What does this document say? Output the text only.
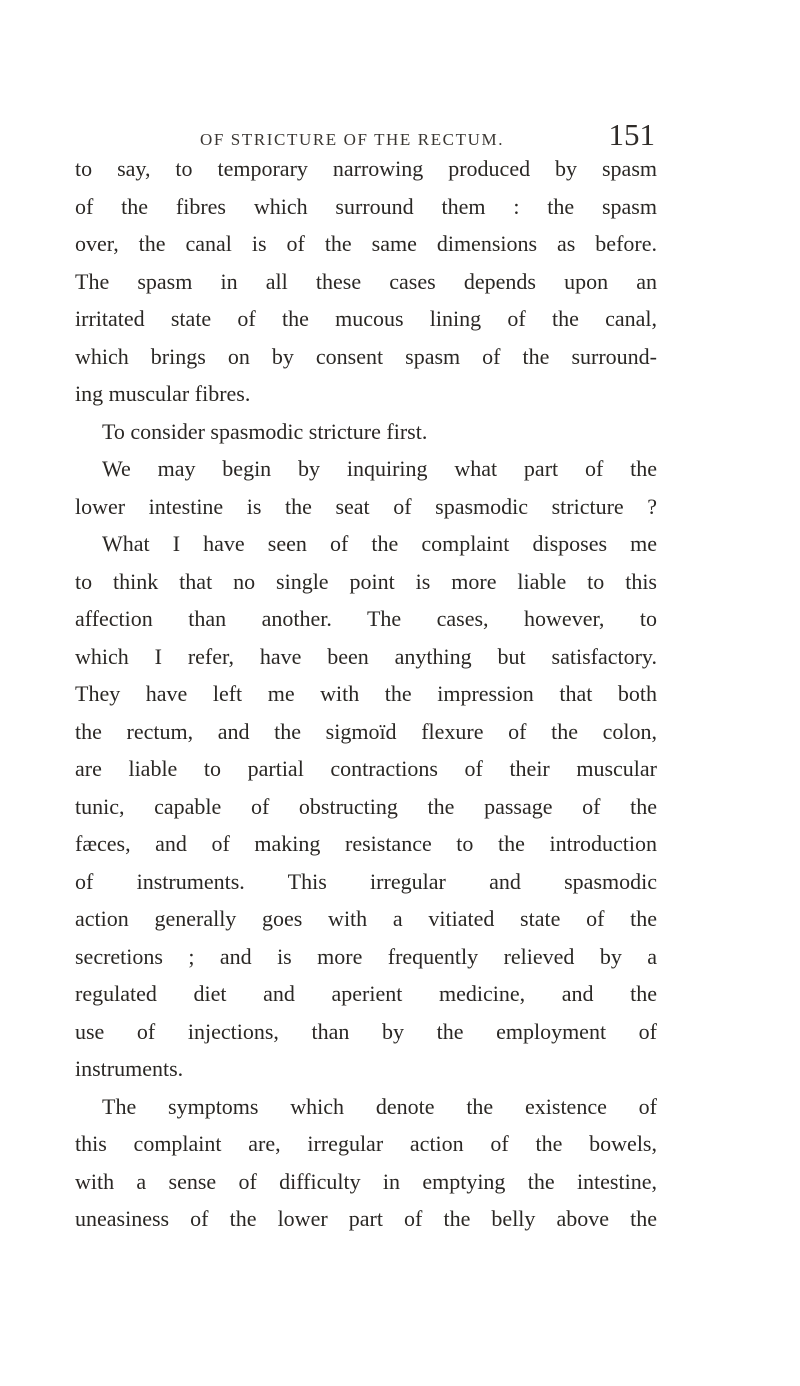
OF STRICTURE OF THE RECTUM.	151
to say, to temporary narrowing produced by spasm
of the fibres which surround them : the spasm
over, the canal is of the same dimensions as before.
The spasm in all these cases depends upon an
irritated state of the mucous lining of the canal,
which brings on by consent spasm of the surround-
ing muscular fibres.
To consider spasmodic stricture first.
We may begin by inquiring what part of the
lower intestine is the seat of spasmodic stricture ?
What I have seen of the complaint disposes me
to think that no single point is more liable to this
affection than another. The cases, however, to
which I refer, have been anything but satisfactory.
They have left me with the impression that both
the rectum, and the sigmoïd flexure of the colon,
are liable to partial contractions of their muscular
tunic, capable of obstructing the passage of the
fæces, and of making resistance to the introduction
of instruments. This irregular and spasmodic
action generally goes with a vitiated state of the
secretions ; and is more frequently relieved by a
regulated diet and aperient medicine, and the
use of injections, than by the employment of
instruments.
The symptoms which denote the existence of
this complaint are, irregular action of the bowels,
with a sense of difficulty in emptying the intestine,
uneasiness of the lower part of the belly above the
